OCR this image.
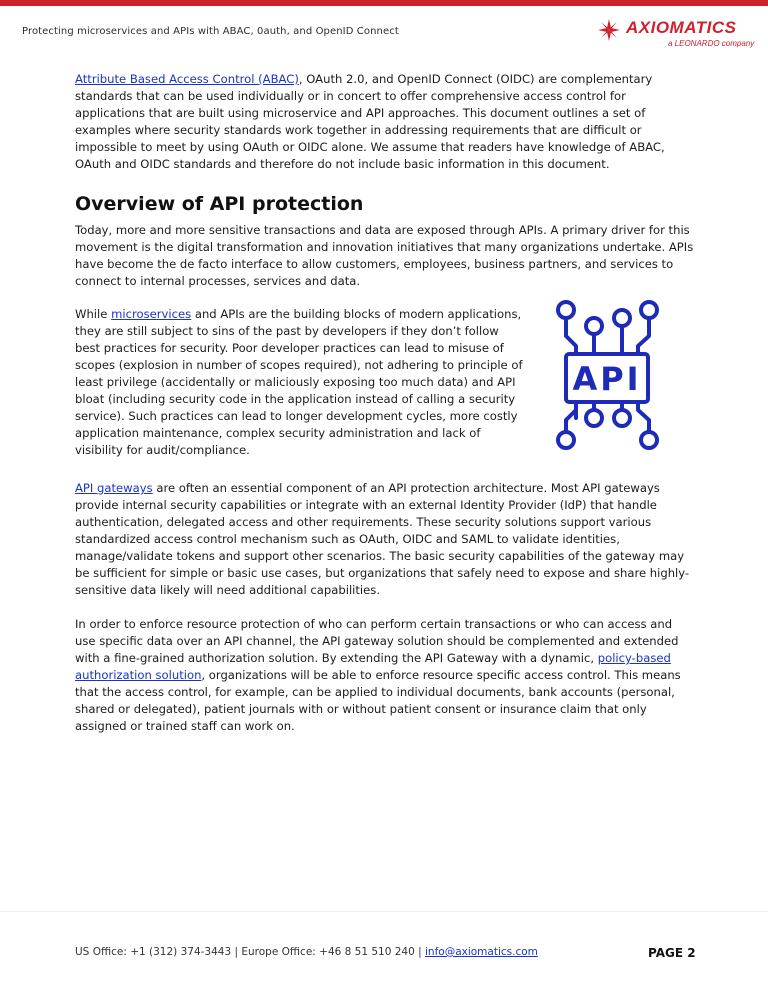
Protecting microservices and APIs with ABAC, 0auth, and OpenID Connect	AXIOMATICS
a LEONARDO company

Attribute Based Access Control (ABAC), OAuth 2.0, and OpenID Connect (OIDC) are complementary standards that can be used individually or in concert to offer comprehensive access control for applications that are built using microservice and API approaches. This document outlines a set of examples where security standards work together in addressing requirements that are difficult or impossible to meet by using OAuth or OIDC alone. We assume that readers have knowledge of ABAC, OAuth and OIDC standards and therefore do not include basic information in this document.

Overview of API protection

Today, more and more sensitive transactions and data are exposed through APIs. A primary driver for this movement is the digital transformation and innovation initiatives that many organizations undertake. APIs have become the de facto interface to allow customers, employees, business partners, and services to connect to internal processes, services and data.

While microservices and APIs are the building blocks of modern applications, they are still subject to sins of the past by developers if they don’t follow best practices for security. Poor developer practices can lead to misuse of scopes (explosion in number of scopes required), not adhering to principle of least privilege (accidentally or maliciously exposing too much data) and API bloat (including security code in the application instead of calling a security service). Such practices can lead to longer development cycles, more costly application maintenance, complex security administration and lack of visibility for audit/compliance.

API gateways are often an essential component of an API protection architecture. Most API gateways provide internal security capabilities or integrate with an external Identity Provider (IdP) that handle authentication, delegated access and other requirements. These security solutions support various standardized access control mechanism such as OAuth, OIDC and SAML to validate identities, manage/validate tokens and support other scenarios. The basic security capabilities of the gateway may be sufficient for simple or basic use cases, but organizations that safely need to expose and share highly-sensitive data likely will need additional capabilities.

In order to enforce resource protection of who can perform certain transactions or who can access and use specific data over an API channel, the API gateway solution should be complemented and extended with a fine-grained authorization solution. By extending the API Gateway with a dynamic, policy-based authorization solution, organizations will be able to enforce resource specific access control. This means that the access control, for example, can be applied to individual documents, bank accounts (personal, shared or delegated), patient journals with or without patient consent or insurance claim that only assigned or trained staff can work on.

API
US Office: +1 (312) 374-3443 | Europe Office: +46 8 51 510 240 | info@axiomatics.com	PAGE 2
